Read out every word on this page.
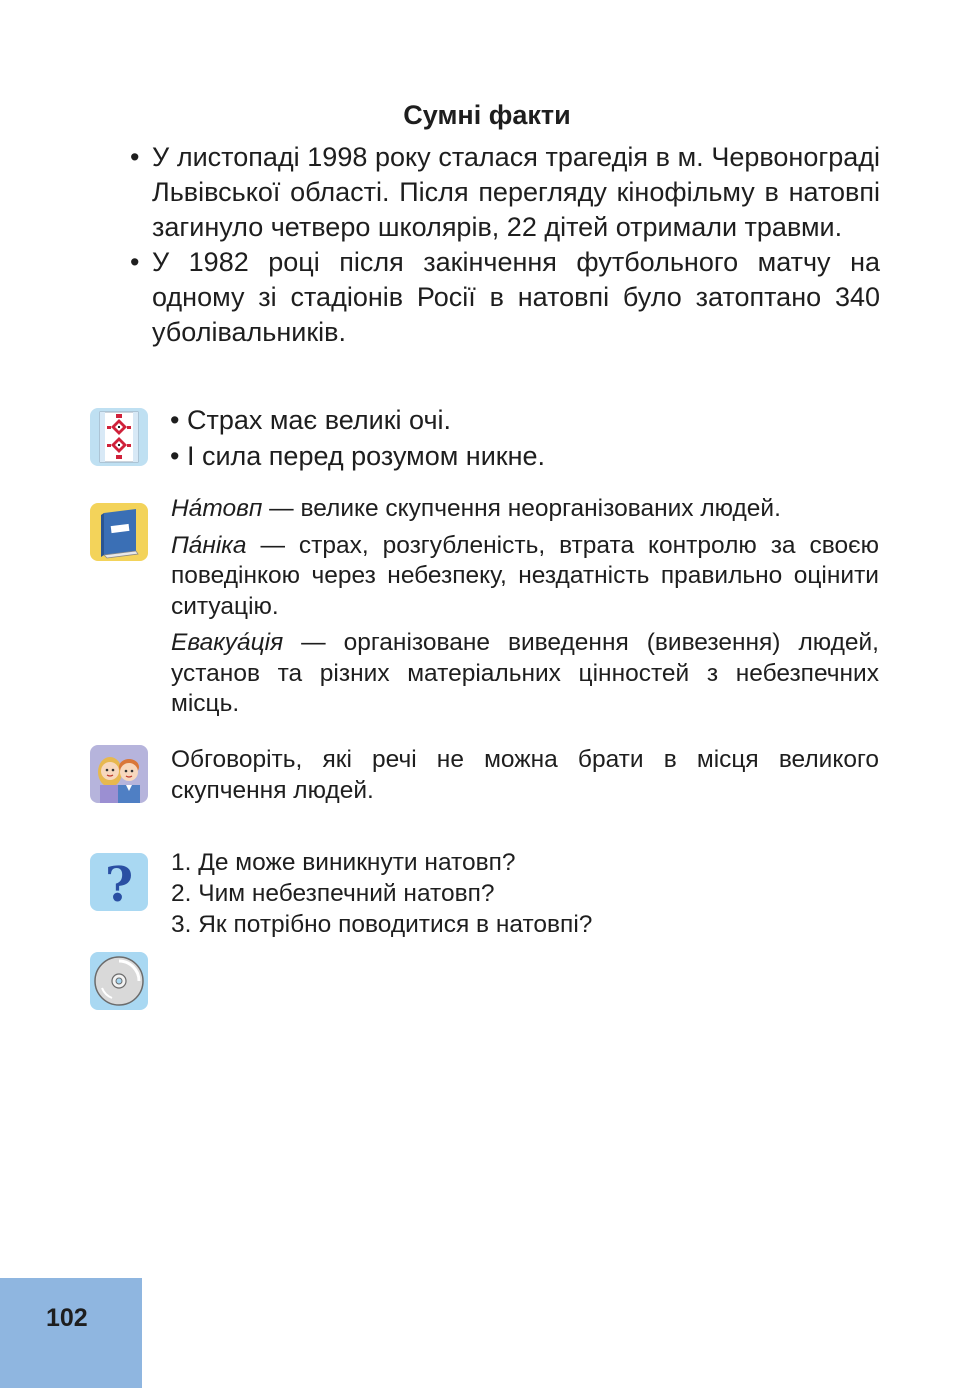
Сумні факти
• У листопаді 1998 року сталася трагедія в м. Червонограді Львівської області. Після перегляду кінофільму в натовпі загинуло четверо школярів, 22 дітей отримали травми.
• У 1982 році після закінчення футбольного матчу на одному зі стадіонів Росії в натовпі було затоптано 340 уболівальників.
• Страх має великі очі.
• І сила перед розумом никне.
На́товп — велике скупчення неорганізованих людей.
Па́ніка — страх, розгубленість, втрата контролю за своєю поведінкою через небезпеку, нездатність правильно оцінити ситуацію.
Евакуа́ція — організоване виведення (вивезення) людей, установ та різних матеріальних цінностей з небезпечних місць.
Обговоріть, які речі не можна брати в місця великого скупчення людей.
? 1. Де може виникнути натовп?
2. Чим небезпечний натовп?
3. Як потрібно поводитися в натовпі?
102
